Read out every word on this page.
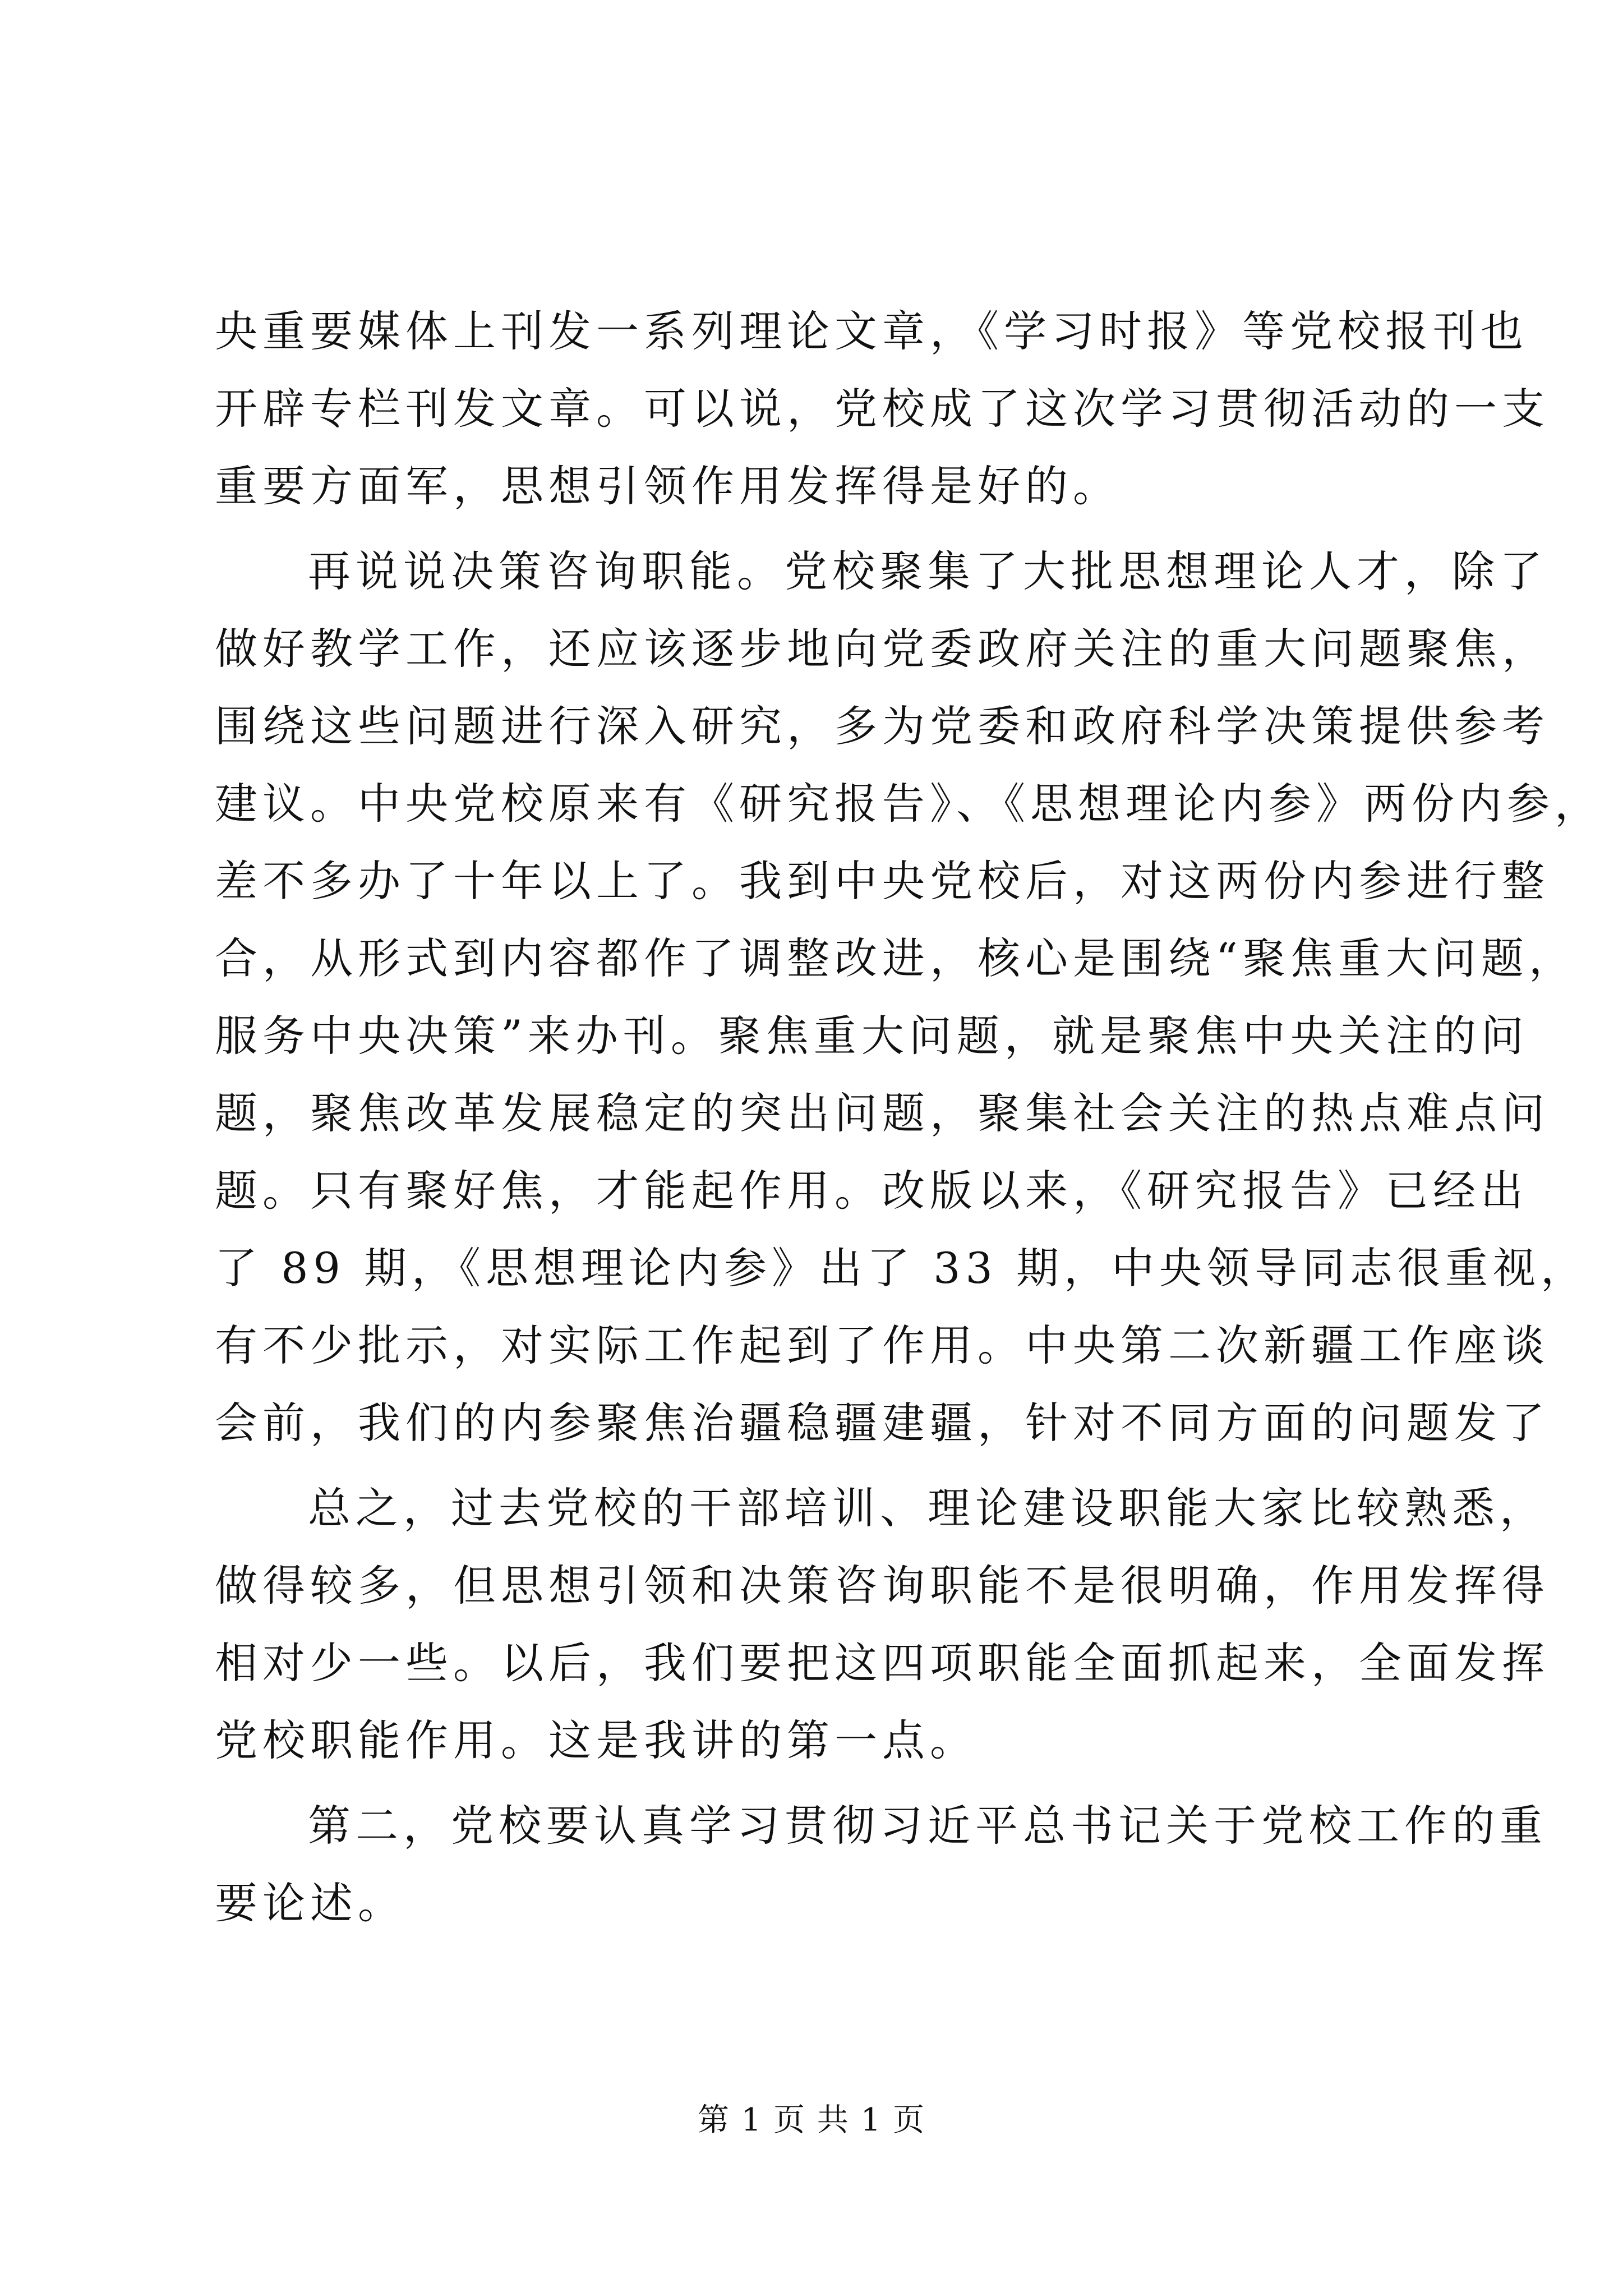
央重要媒体上刊发一系列理论文章，《学习时报》等党校报刊也
开辟专栏刊发文章。可以说，党校成了这次学习贯彻活动的一支
重要方面军，思想引领作用发挥得是好的。
再说说决策咨询职能。党校聚集了大批思想理论人才，除了
做好教学工作，还应该逐步地向党委政府关注的重大问题聚焦，
围绕这些问题进行深入研究，多为党委和政府科学决策提供参考
建议。中央党校原来有《研究报告》、《思想理论内参》两份内参，
差不多办了十年以上了。我到中央党校后，对这两份内参进行整
合，从形式到内容都作了调整改进，核心是围绕“聚焦重大问题，
服务中央决策”来办刊。聚焦重大问题，就是聚焦中央关注的问
题，聚焦改革发展稳定的突出问题，聚集社会关注的热点难点问
题。只有聚好焦，才能起作用。改版以来，《研究报告》已经出
了 89 期，《思想理论内参》出了 33 期，中央领导同志很重视，
有不少批示，对实际工作起到了作用。中央第二次新疆工作座谈
会前，我们的内参聚焦治疆稳疆建疆，针对不同方面的问题发了
总之，过去党校的干部培训、理论建设职能大家比较熟悉，
做得较多，但思想引领和决策咨询职能不是很明确，作用发挥得
相对少一些。以后，我们要把这四项职能全面抓起来，全面发挥
党校职能作用。这是我讲的第一点。
第二，党校要认真学习贯彻习近平总书记关于党校工作的重
要论述。
第 1 页 共 1 页
